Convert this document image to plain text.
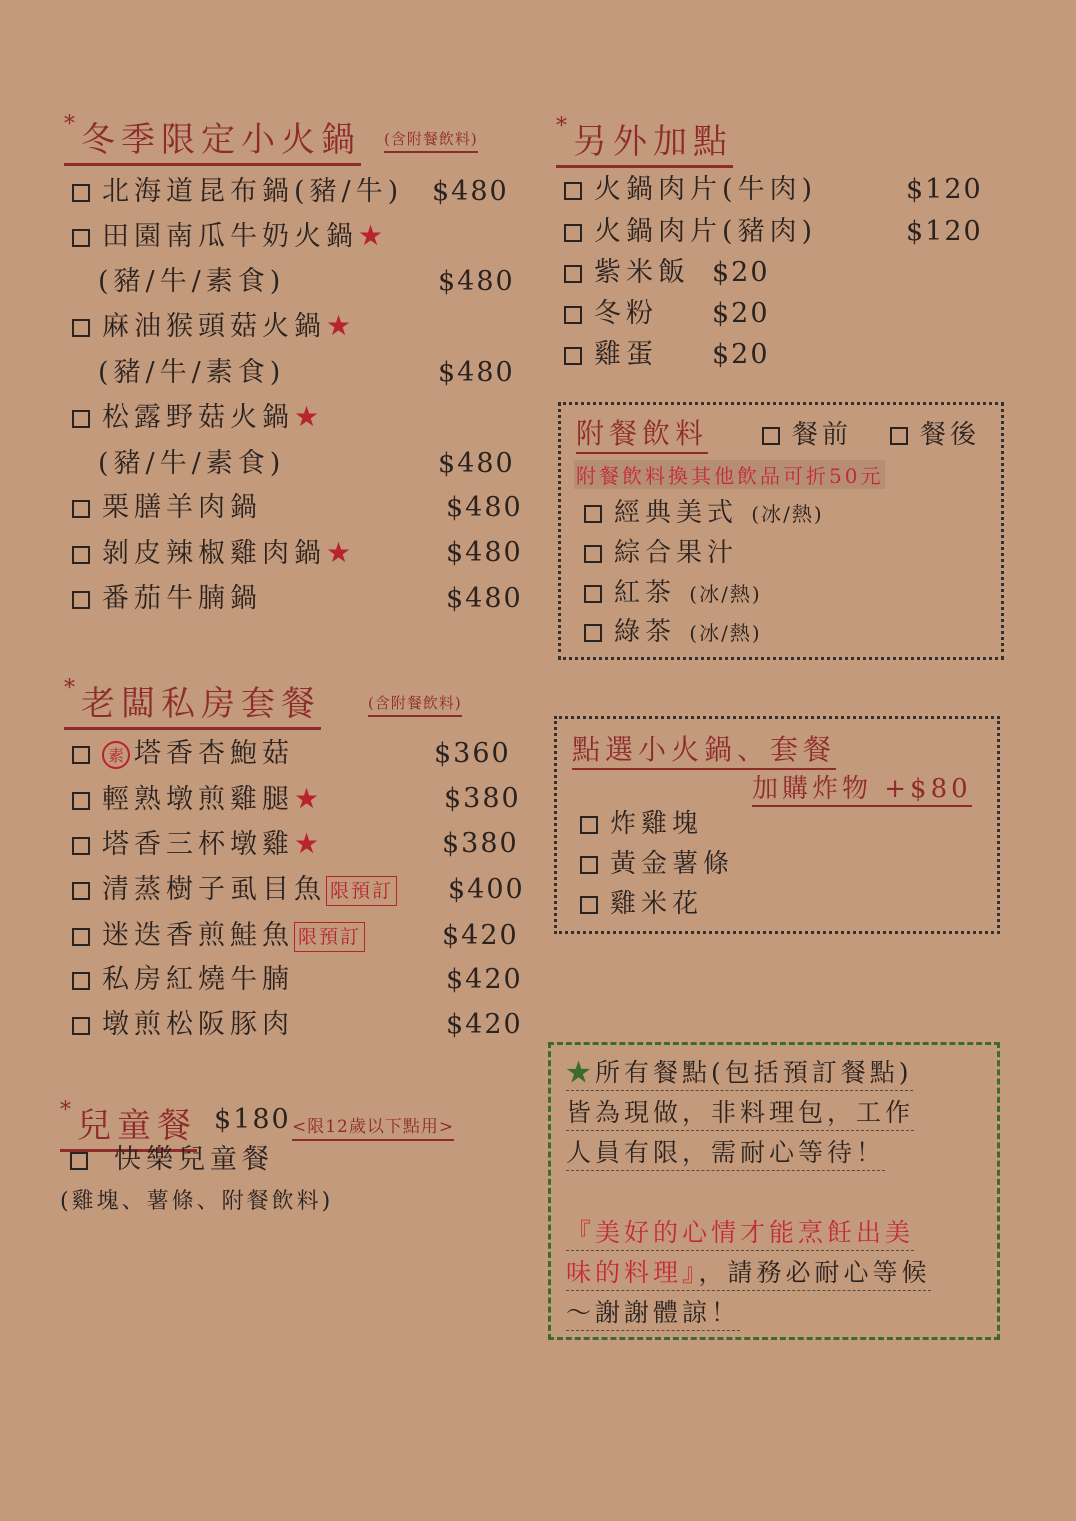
* 冬季限定小火鍋 (含附餐飲料)
北海道昆布鍋(豬/牛) $480
田園南瓜牛奶火鍋★
(豬/牛/素食)	$480
麻油猴頭菇火鍋★
(豬/牛/素食)	$480
松露野菇火鍋★
(豬/牛/素食)	$480
栗膳羊肉鍋	$480
剝皮辣椒雞肉鍋★	$480
番茄牛腩鍋	$480
* 老闆私房套餐	(含附餐飲料)
素 塔香杏鮑菇	$360
輕熟墩煎雞腿★	$380
塔香三杯墩雞★	$380
清蒸樹子虱目魚 限預訂 $400
迷迭香煎鮭魚 限預訂	$420
私房紅燒牛腩	$420
墩煎松阪豚肉	$420
* 兒童餐 $180 <限12歲以下點用>
快樂兒童餐
(雞塊、薯條、附餐飲料)
* 另外加點
火鍋肉片(牛肉)	$120
火鍋肉片(豬肉)	$120
紫米飯 $20
冬粉 $20
雞蛋 $20
附餐飲料	餐前	餐後
附餐飲料換其他飲品可折50元
經典美式 (冰/熱)
綜合果汁
紅茶 (冰/熱)
綠茶 (冰/熱)
點選小火鍋、套餐
加購炸物 +$80
炸雞塊
黃金薯條
雞米花
★所有餐點(包括預訂餐點)
皆為現做，非料理包，工作
人員有限，需耐心等待！
『美好的心情才能烹飪出美
味的料理』，請務必耐心等候
～謝謝體諒！
